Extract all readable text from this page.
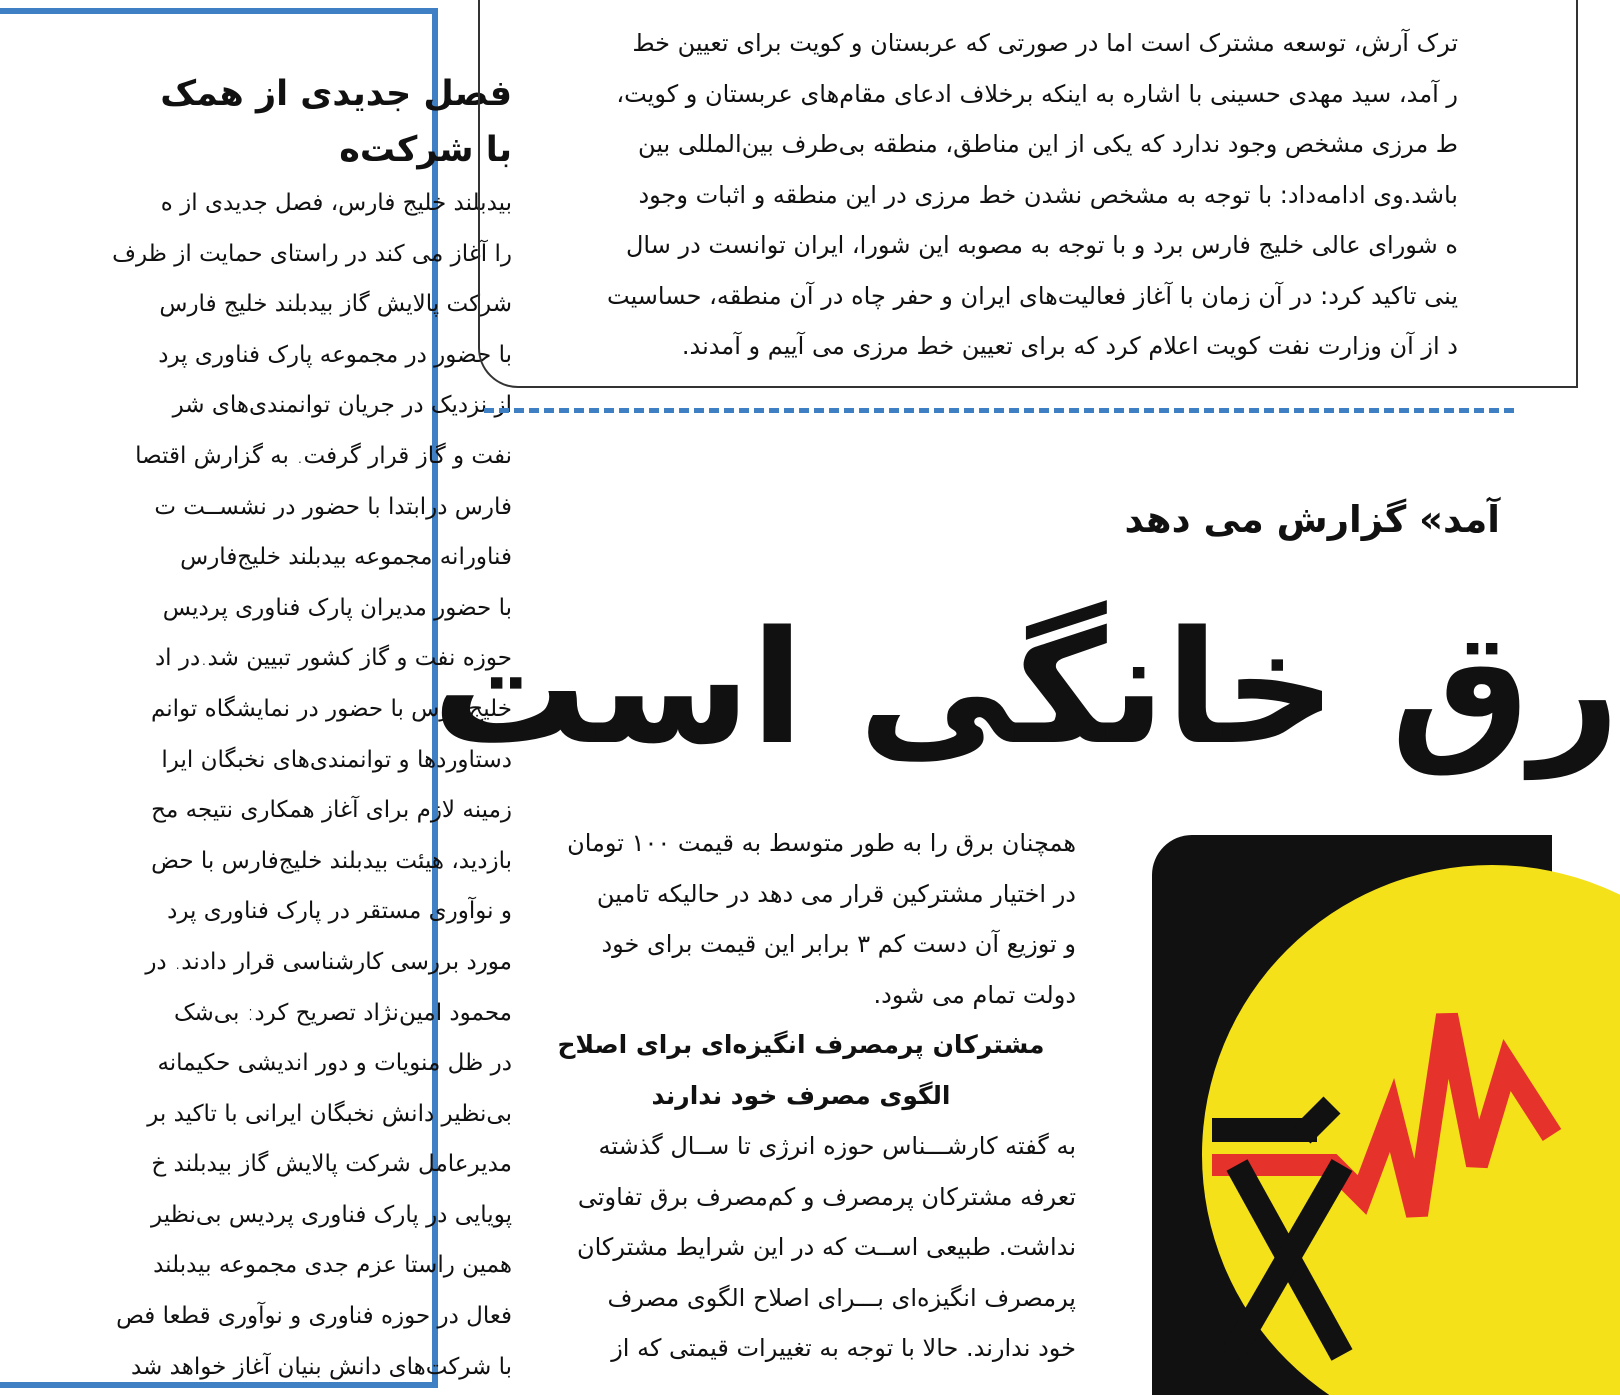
فصل جدیدی از همک
با شرکت‌ه

بیدبلند خلیج فارس، فصل جدیدی از ه

را آغاز می کند در راستای حمایت از ظرف

شرکت پالایش گاز بیدبلند خلیج فارس

با حضور در مجموعه پارک فناوری پرد

از نزدیک در جریان توانمندی‌های شر

نفت و گاز قرار گرفت. به گزارش اقتصا

فارس درابتدا با حضور در نشســت ت

فناورانه مجموعه بیدبلند خلیج‌فارس

با حضور مدیران پارک فناوری پردیس

حوزه نفت و گاز کشور تبیین شد.در اد

خلیج‌فارس با حضور در نمایشگاه توانم

دستاوردها و توانمندی‌های نخبگان ایرا

زمینه لازم برای آغاز همکاری نتیجه مح

بازدید، هیئت بیدبلند خلیج‌فارس با حض

و نوآوری مستقر در پارک فناوری پرد

مورد بررسی کارشناسی قرار دادند. در

محمود امین‌نژاد تصریح کرد: بی‌شک

در ظل منویات و دور اندیشی حکیمانه

بی‌نظیر دانش نخبگان ایرانی با تاکید بر

مدیرعامل شرکت پالایش گاز بیدبلند خ

پویایی در پارک فناوری پردیس بی‌نظیر

همین راستا عزم جدی مجموعه بیدبلند

فعال در حوزه فناوری و نوآوری قطعا فص

با شرکت‌های دانش بنیان آغاز خواهد شد

ترک آرش، توسعه مشترک است اما در صورتی که عربستان و کویت برای تعیین خط

ر آمد، سید مهدی حسینی با اشاره به اینکه برخلاف ادعای مقام‌های عربستان و کویت،

ط مرزی مشخص وجود ندارد که یکی از این مناطق، منطقه بی‌طرف بین‌المللی بین

باشد.وی ادامه‌داد: با توجه به مشخص نشدن خط مرزی در این منطقه و اثبات وجود

ه شورای عالی خلیج فارس برد و با توجه به مصوبه این شورا، ایران توانست در سال

ینی تاکید کرد: در آن زمان با آغاز فعالیت‌های ایران و حفر چاه در آن منطقه، حساسیت

د از آن وزارت نفت کویت اعلام کرد که برای تعیین خط مرزی می آییم و آمدند.

آمد» گزارش می دهد
رق خانگی است

همچنان برق را به طور متوسط به قیمت ۱۰۰ تومان

در اختیار مشترکین قرار می دهد در حالیکه تامین

و توزیع آن دست کم ۳ برابر این قیمت برای خود

دولت تمام می شود.

مشترکان پرمصرف انگیزه‌ای برای اصلاح
الگوی مصرف خود ندارند

به گفته کارشـــناس حوزه انرژی تا ســال گذشته

تعرفه مشترکان پرمصرف و کم‌مصرف برق تفاوتی

نداشت. طبیعی اســت که در این شرایط مشترکان

پرمصرف انگیزه‌ای بـــرای اصلاح الگوی مصرف

خود ندارند. حالا با توجه به تغییرات قیمتی که از
